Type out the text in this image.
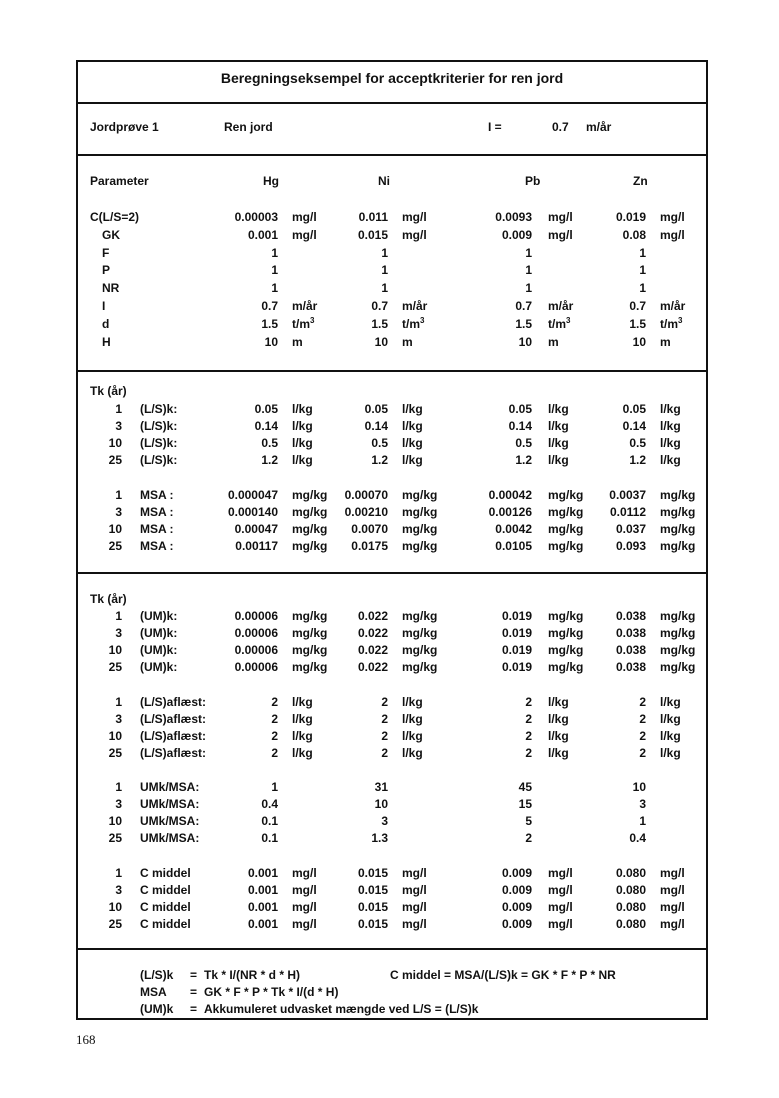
Beregningseksempel for acceptkriterier for ren jord
Jordprøve 1	Ren jord	I =	0.7 m/år
Parameter	Hg	Ni	Pb	Zn
C(L/S=2)	0.00003 mg/l	0.011 mg/l	0.0093 mg/l	0.019 mg/l
GK	0.001 mg/l	0.015 mg/l	0.009 mg/l	0.08 mg/l
F	1	1	1	1
P	1	1	1	1
NR	1	1	1	1
I	0.7 m/år	0.7 m/år	0.7 m/år	0.7 m/år
d	1.5 $t/m^3$	1.5 $t/m^3$	1.5 $t/m^3$	1.5 $t/m^3$
H	10 m	10 m	10 m	10 m
Tk (år)
1 (L/S)k:	0.05 l/kg	0.05 l/kg	0.05 l/kg	0.05 l/kg
3 (L/S)k:	0.14 l/kg	0.14 l/kg	0.14 l/kg	0.14 l/kg
10 (L/S)k:	0.5 l/kg	0.5 l/kg	0.5 l/kg	0.5 l/kg
25 (L/S)k:	1.2 l/kg	1.2 l/kg	1.2 l/kg	1.2 l/kg
1 MSA :	0.000047 mg/kg	0.00070 mg/kg	0.00042 mg/kg	0.0037 mg/kg
3 MSA :	0.000140 mg/kg	0.00210 mg/kg	0.00126 mg/kg	0.0112 mg/kg
10 MSA :	0.00047 mg/kg	0.0070 mg/kg	0.0042 mg/kg	0.037 mg/kg
25 MSA :	0.00117 mg/kg	0.0175 mg/kg	0.0105 mg/kg	0.093 mg/kg
Tk (år)
1 (UM)k:	0.00006 mg/kg	0.022 mg/kg	0.019 mg/kg	0.038 mg/kg
3 (UM)k:	0.00006 mg/kg	0.022 mg/kg	0.019 mg/kg	0.038 mg/kg
10 (UM)k:	0.00006 mg/kg	0.022 mg/kg	0.019 mg/kg	0.038 mg/kg
25 (UM)k:	0.00006 mg/kg	0.022 mg/kg	0.019 mg/kg	0.038 mg/kg
1 (L/S)aflæst:	2 l/kg	2 l/kg	2 l/kg	2 l/kg
3 (L/S)aflæst:	2 l/kg	2 l/kg	2 l/kg	2 l/kg
10 (L/S)aflæst:	2 l/kg	2 l/kg	2 l/kg	2 l/kg
25 (L/S)aflæst:	2 l/kg	2 l/kg	2 l/kg	2 l/kg
1 UMk/MSA:	1	31	45	10
3 UMk/MSA:	0.4	10	15	3
10 UMk/MSA:	0.1	3	5	1
25 UMk/MSA:	0.1	1.3	2	0.4
1 C middel	0.001 mg/l	0.015 mg/l	0.009 mg/l	0.080 mg/l
3 C middel	0.001 mg/l	0.015 mg/l	0.009 mg/l	0.080 mg/l
10 C middel	0.001 mg/l	0.015 mg/l	0.009 mg/l	0.080 mg/l
25 C middel	0.001 mg/l	0.015 mg/l	0.009 mg/l	0.080 mg/l
(L/S)k = Tk * I/(NR * d * H)
MSA = GK * F * P * Tk * I/(d * H)
(UM)k = Akkumuleret udvasket mængde ved L/S = (L/S)k
C middel = MSA/(L/S)k = GK * F * P * NR
168
